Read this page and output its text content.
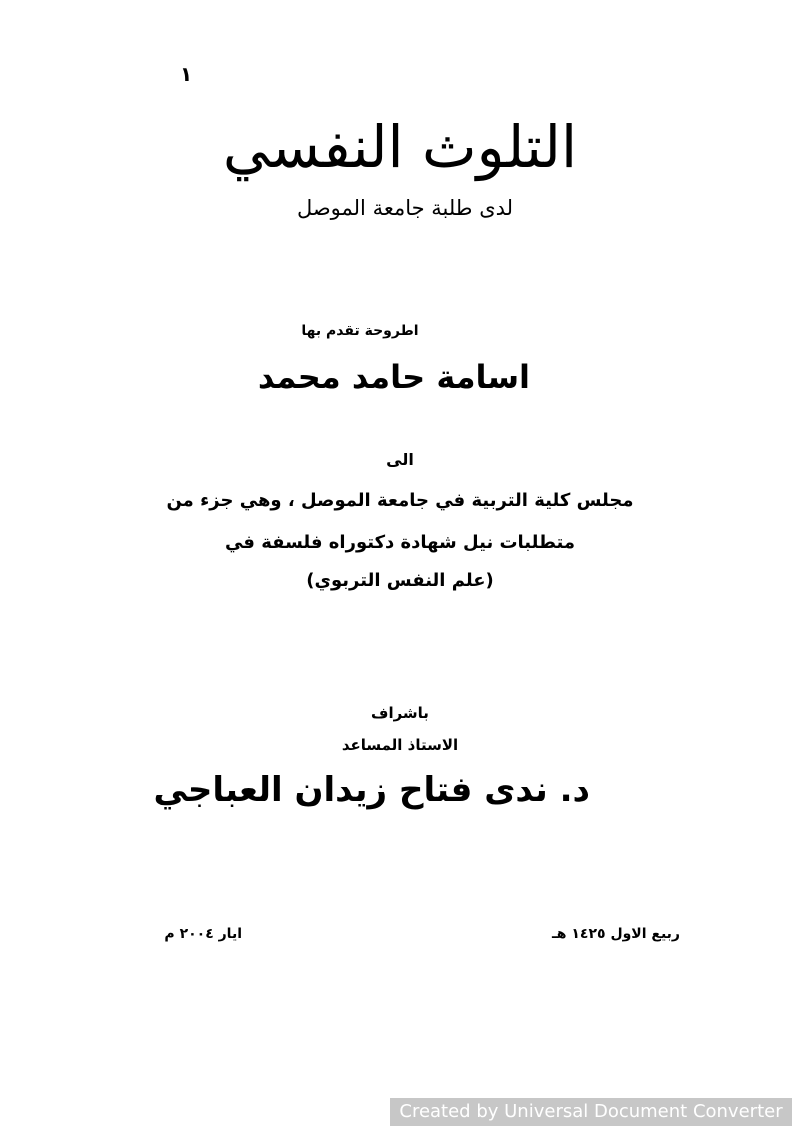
١
التلوث النفسي
لدى طلبة جامعة الموصل
اطروحة تقدم بها
اسامة حامد محمد
الى
مجلس كلية التربية في جامعة الموصل ، وهي جزء من
متطلبات نيل شهادة دكتوراه فلسفة في
(علم النفس التربوي)
باشراف
الاستاذ المساعد
د. ندى فتاح زيدان العباجي
ربيع الاول ١٤٢٥ هـ
ايار ٢٠٠٤ م
Created by Universal Document Converter
